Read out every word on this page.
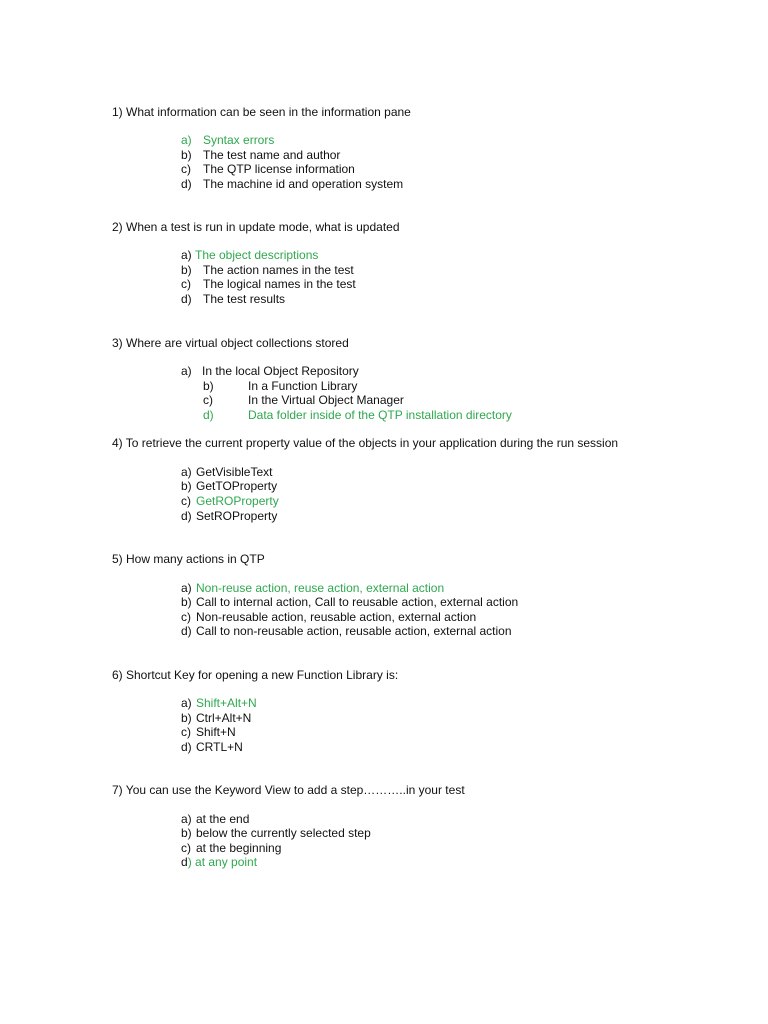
1) What information can be seen in the information pane
a) Syntax errors
b) The test name and author
c) The QTP license information
d) The machine id and operation system
2) When a test is run in update mode, what is updated
a) The object descriptions
b) The action names in the test
c) The logical names in the test
d) The test results
3) Where are virtual object collections stored
a) In the local Object Repository
b)	In a Function Library
c)	In the Virtual Object Manager
d)	Data folder inside of the QTP installation directory
4) To retrieve the current property value of the objects in your application during the run session
a) GetVisibleText
b) GetTOProperty
c) GetROProperty
d) SetROProperty
5) How many actions in QTP
a) Non-reuse action, reuse action, external action
b) Call to internal action, Call to reusable action, external action
c) Non-reusable action, reusable action, external action
d) Call to non-reusable action, reusable action, external action
6) Shortcut Key for opening a new Function Library is:
a) Shift+Alt+N
b) Ctrl+Alt+N
c) Shift+N
d) CRTL+N
7) You can use the Keyword View to add a step………..in your test
a) at the end
b) below the currently selected step
c) at the beginning
d) at any point
